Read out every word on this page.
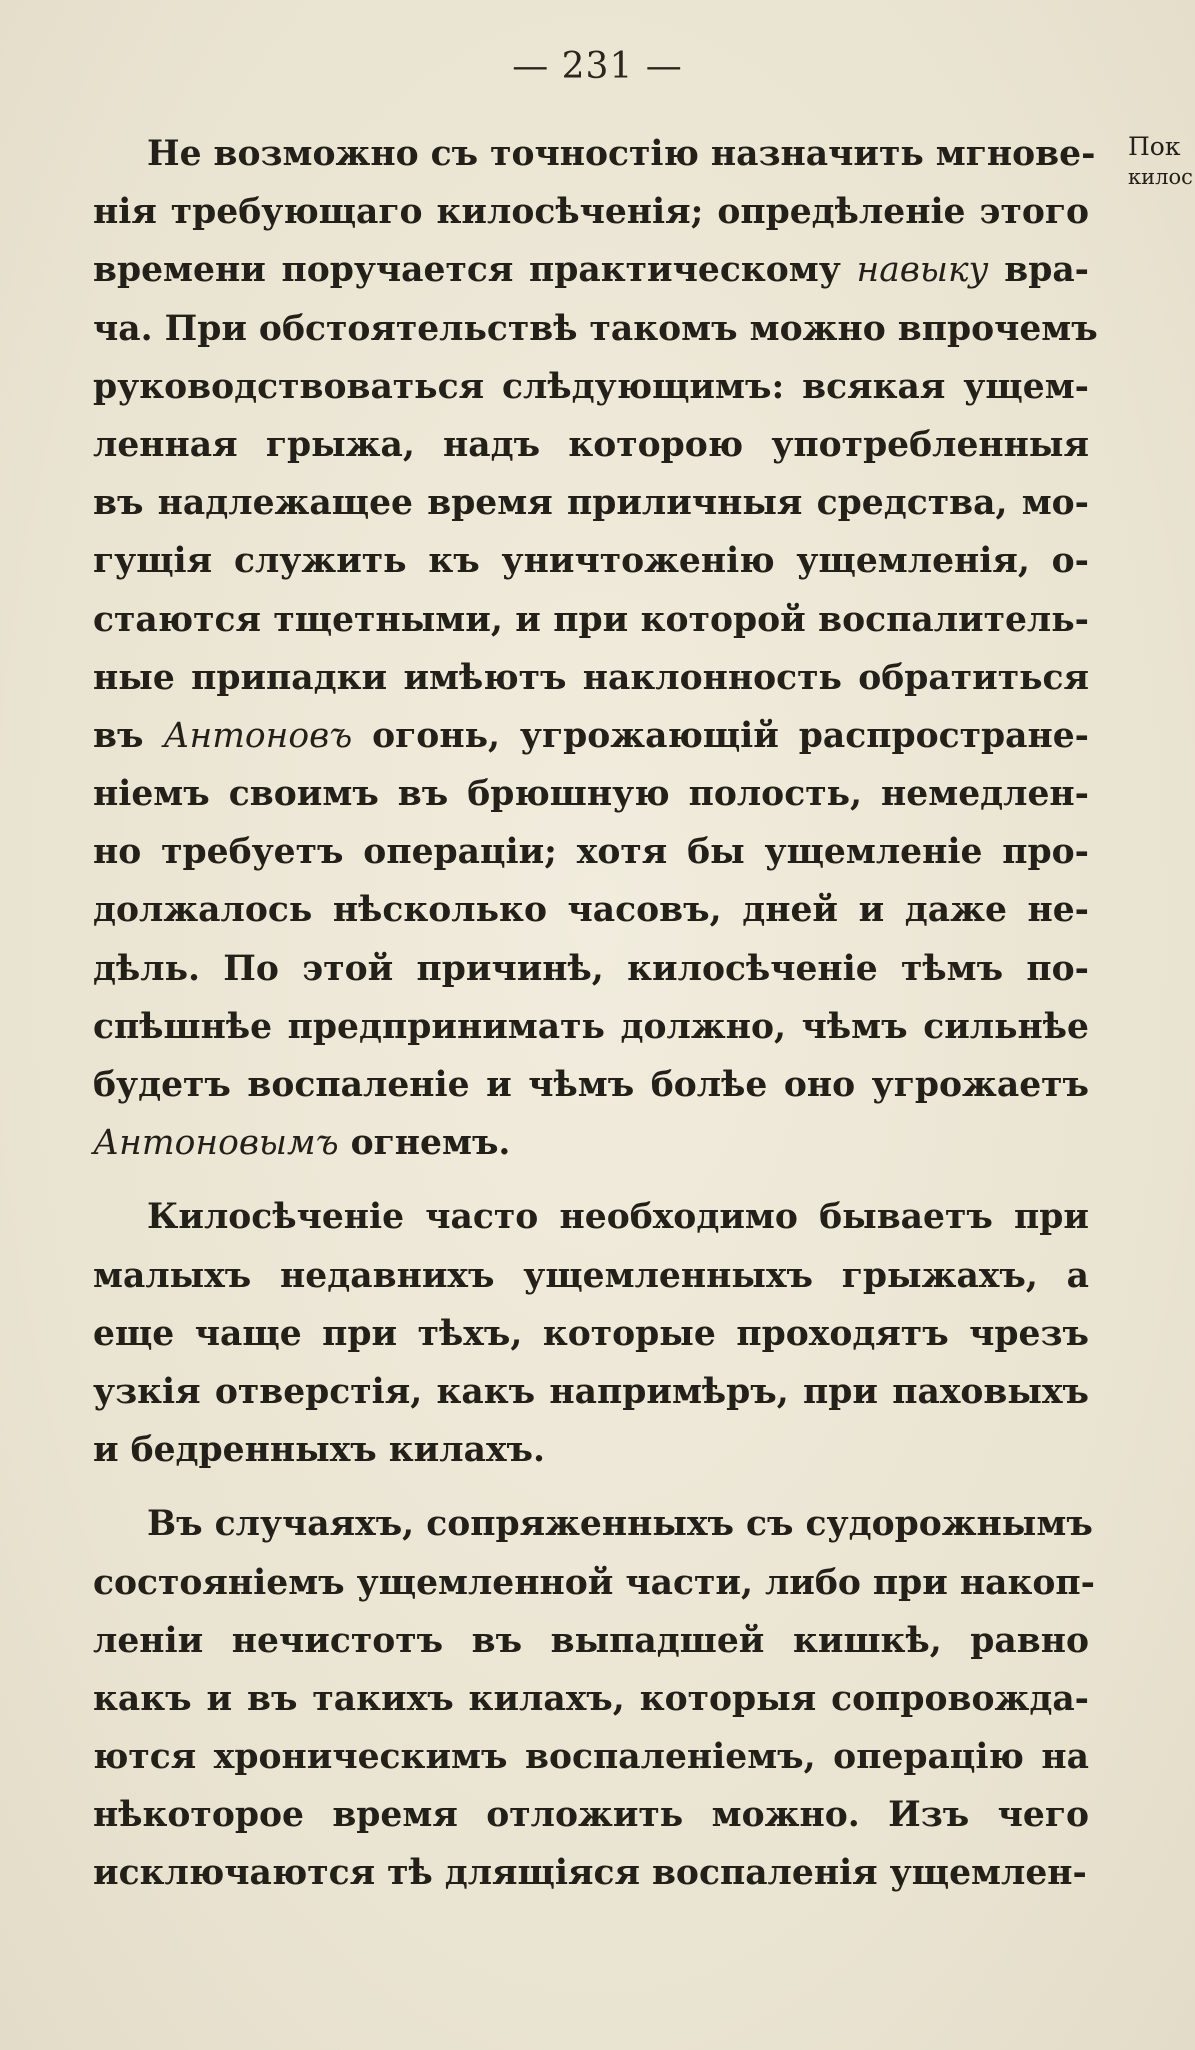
— 231 —
Пок
килос
Не возможно съ точностію назначить мгнове-
нія требующаго килосѣченія; опредѣленіе этого
времени поручается практическому навыку вра-
ча. При обстоятельствѣ такомъ можно впрочемъ
руководствоваться слѣдующимъ: всякая ущем-
ленная грыжа, надъ которою употребленныя
въ надлежащее время приличныя средства, мо-
гущія служить къ уничтоженію ущемленія, о-
стаются тщетными, и при которой воспалитель-
ные припадки имѣютъ наклонность обратиться
въ Антоновъ огонь, угрожающій распростране-
ніемъ своимъ въ брюшную полость, немедлен-
но требуетъ операціи; хотя бы ущемленіе про-
должалось нѣсколько часовъ, дней и даже не-
дѣль. По этой причинѣ, килосѣченіе тѣмъ по-
спѣшнѣе предпринимать должно, чѣмъ сильнѣе
будетъ воспаленіе и чѣмъ болѣе оно угрожаетъ
Антоновымъ огнемъ.
Килосѣченіе часто необходимо бываетъ при
малыхъ недавнихъ ущемленныхъ грыжахъ, а
еще чаще при тѣхъ, которые проходятъ чрезъ
узкія отверстія, какъ напримѣръ, при паховыхъ
и бедренныхъ килахъ.
Въ случаяхъ, сопряженныхъ съ судорожнымъ
состояніемъ ущемленной части, либо при накоп-
леніи нечистотъ въ выпадшей кишкѣ, равно
какъ и въ такихъ килахъ, которыя сопровожда-
ются хроническимъ воспаленіемъ, операцію на
нѣкоторое время отложить можно. Изъ чего
исключаются тѣ длящіяся воспаленія ущемлен-
